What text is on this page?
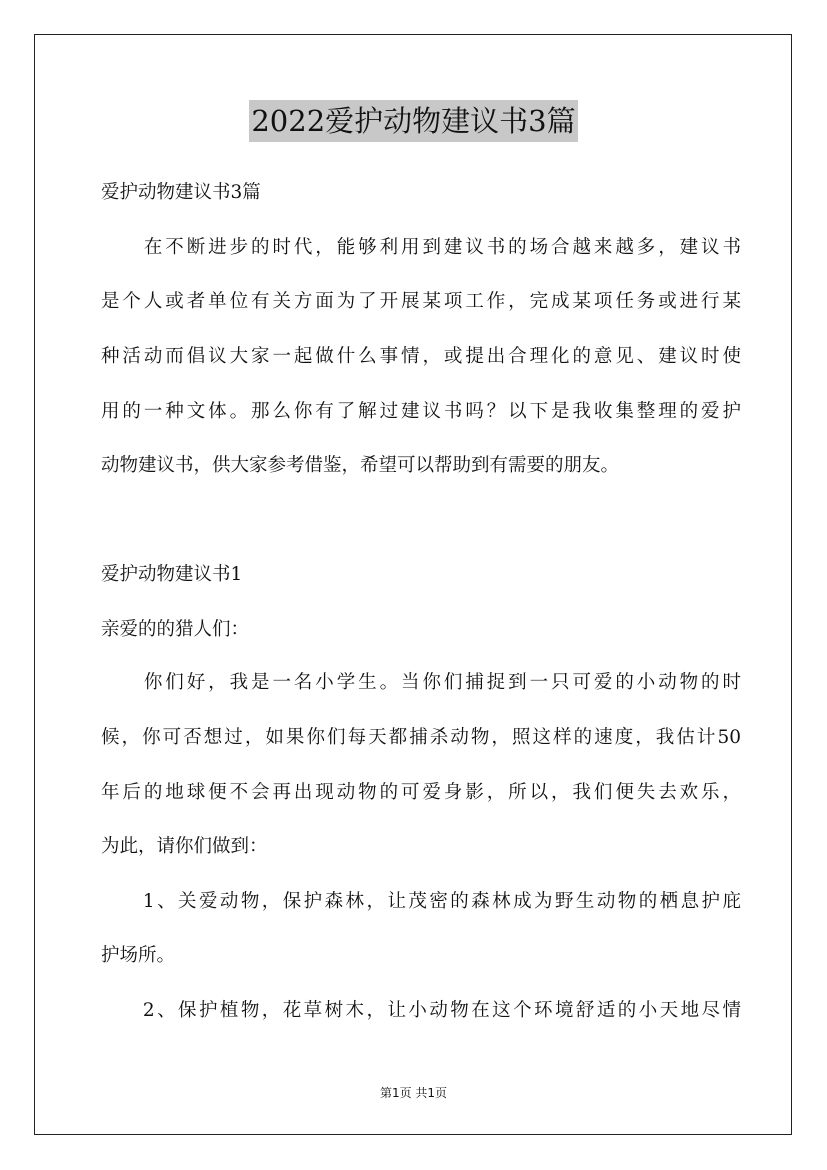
2022爱护动物建议书3篇
爱护动物建议书3篇
　　在不断进步的时代，能够利用到建议书的场合越来越多，建议书
是个人或者单位有关方面为了开展某项工作，完成某项任务或进行某
种活动而倡议大家一起做什么事情，或提出合理化的意见、建议时使
用的一种文体。那么你有了解过建议书吗？以下是我收集整理的爱护
动物建议书，供大家参考借鉴，希望可以帮助到有需要的朋友。
爱护动物建议书1
亲爱的的猎人们：
　　你们好，我是一名小学生。当你们捕捉到一只可爱的小动物的时
候，你可否想过，如果你们每天都捕杀动物，照这样的速度，我估计50
年后的地球便不会再出现动物的可爱身影，所以，我们便失去欢乐，
为此，请你们做到：
　　1、关爱动物，保护森林，让茂密的森林成为野生动物的栖息护庇
护场所。
　　2、保护植物，花草树木，让小动物在这个环境舒适的小天地尽情
第1页 共1页
